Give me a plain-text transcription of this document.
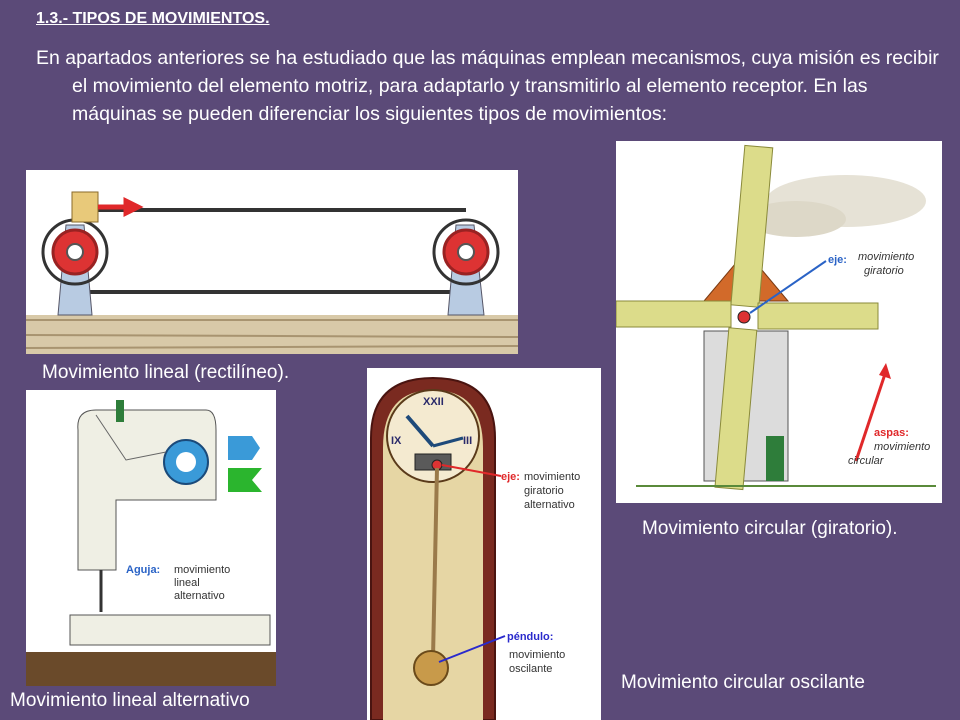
1.3.- TIPOS DE MOVIMIENTOS.
En apartados anteriores se ha estudiado que las máquinas emplean mecanismos, cuya misión es recibir el movimiento del elemento motriz, para adaptarlo y transmitirlo al elemento receptor. En las máquinas se pueden diferenciar los siguientes tipos de movimientos:
Movimiento lineal (rectilíneo).
eje: movimiento
giratorio
aspas:
movimiento
circular
Movimiento circular (giratorio).
Aguja: movimiento
lineal
alternativo
Movimiento lineal alternativo
XXII
IX	III
eje: movimiento
giratorio
alternativo
péndulo:
movimiento
oscilante
Movimiento circular oscilante
